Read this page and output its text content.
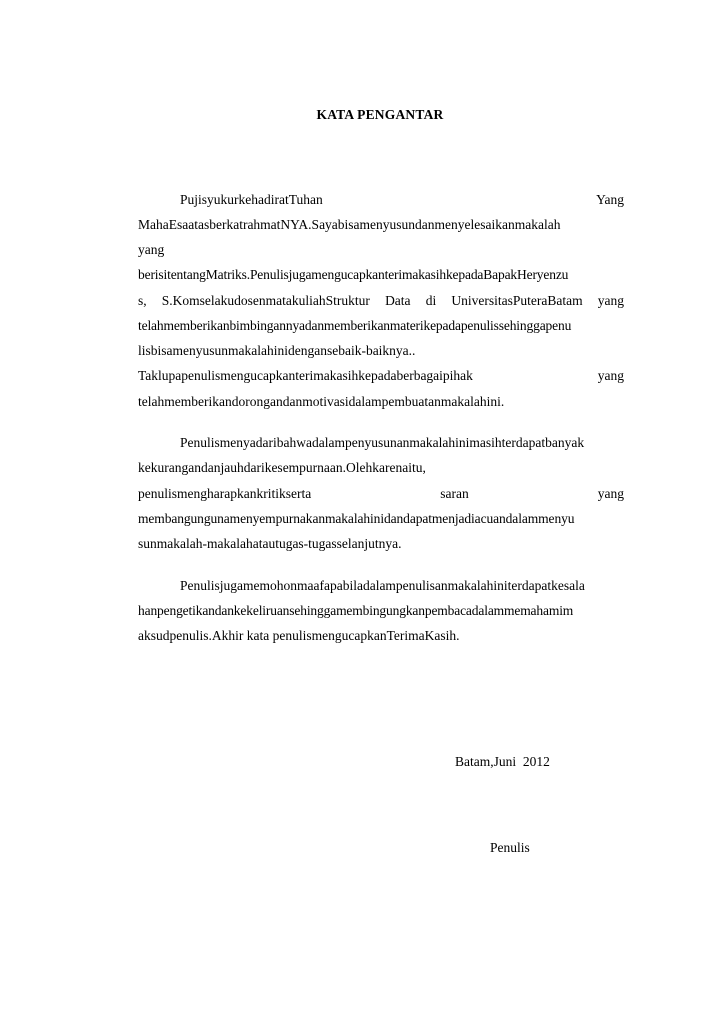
KATA PENGANTAR
PujisyukurkehadiratTuhan	Yang
MahaEsaatasberkatrahmatNYA.Sayabisamenyusundanmenyelesaikanmakalah
yang
berisitentangMatriks.PenulisjugamengucapkanterimakasihkepadaBapakHeryenzu
s, S.KomselakudosenmatakuliahStruktur Data di UniversitasPuteraBatam yang
telahmemberikanbimbingannyadanmemberikanmaterikepadapenulissehinggapenu
lisbisamenyusunmakalahinidengansebaik-baiknya..
Taklupapenulismengucapkanterimakasihkepadaberbagaipihak	yang
telahmemberikandorongandanmotivasidalampembuatanmakalahini.
Penulismenyadaribahwadalampenyusunanmakalahinimasihterdapatbanyak
kekurangandanjauhdarikesempurnaan.Olehkarenaitu,
penulismengharapkankritikserta	saran	yang
membangungunamenyempurnakanmakalahinidandapatmenjadiacuandalammenyu
sunmakalah-makalahatautugas-tugasselanjutnya.
Penulisjugamemohonmaafapabiladalampenulisanmakalahiniterdapatkesala
hanpengetikandankekeliruansehinggamembingungkanpembacadalammemahamim
aksudpenulis.Akhir kata penulismengucapkanTerimaKasih.
Batam,Juni  2012
Penulis
